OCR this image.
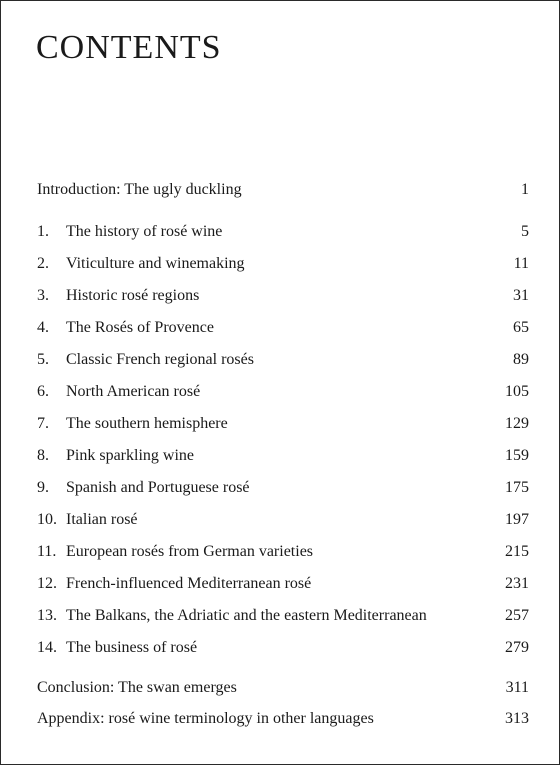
CONTENTS
Introduction: The ugly duckling	1
1.	The history of rosé wine	5
2.	Viticulture and winemaking	11
3.	Historic rosé regions	31
4.	The Rosés of Provence	65
5.	Classic French regional rosés	89
6.	North American rosé	105
7.	The southern hemisphere	129
8.	Pink sparkling wine	159
9.	Spanish and Portuguese rosé	175
10. Italian rosé	197
11. European rosés from German varieties	215
12. French-influenced Mediterranean rosé	231
13. The Balkans, the Adriatic and the eastern Mediterranean	257
14. The business of rosé	279
Conclusion: The swan emerges	311
Appendix: rosé wine terminology in other languages	313
